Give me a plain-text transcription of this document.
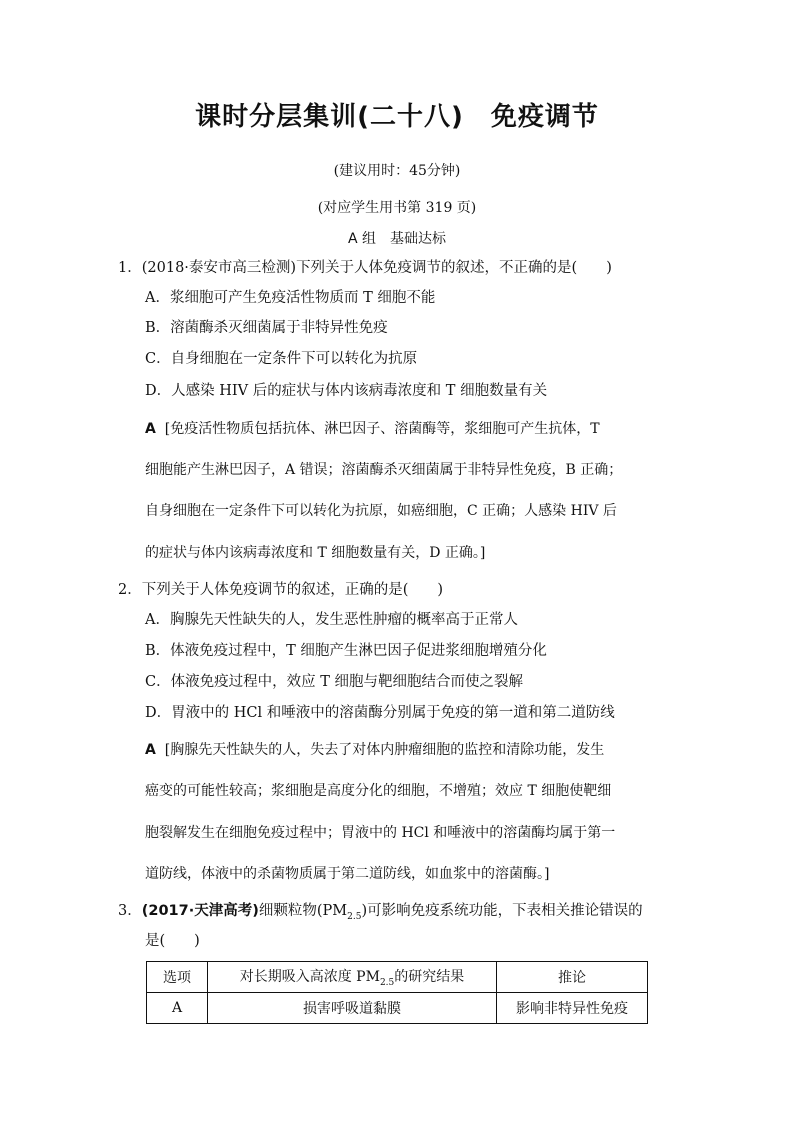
课时分层集训(二十八)　免疫调节
(建议用时：45分钟)
(对应学生用书第 319 页)
A 组　基础达标
1．(2018·泰安市高三检测)下列关于人体免疫调节的叙述，不正确的是(　　)
A．浆细胞可产生免疫活性物质而 T 细胞不能
B．溶菌酶杀灭细菌属于非特异性免疫
C．自身细胞在一定条件下可以转化为抗原
D．人感染 HIV 后的症状与体内该病毒浓度和 T 细胞数量有关
A [免疫活性物质包括抗体、淋巴因子、溶菌酶等，浆细胞可产生抗体，T
细胞能产生淋巴因子，A 错误；溶菌酶杀灭细菌属于非特异性免疫，B 正确；
自身细胞在一定条件下可以转化为抗原，如癌细胞，C 正确；人感染 HIV 后
的症状与体内该病毒浓度和 T 细胞数量有关，D 正确。]
2．下列关于人体免疫调节的叙述，正确的是(　　)
A．胸腺先天性缺失的人，发生恶性肿瘤的概率高于正常人
B．体液免疫过程中，T 细胞产生淋巴因子促进浆细胞增殖分化
C．体液免疫过程中，效应 T 细胞与靶细胞结合而使之裂解
D．胃液中的 HCl 和唾液中的溶菌酶分别属于免疫的第一道和第二道防线
A [胸腺先天性缺失的人，失去了对体内肿瘤细胞的监控和清除功能，发生
癌变的可能性较高；浆细胞是高度分化的细胞，不增殖；效应 T 细胞使靶细
胞裂解发生在细胞免疫过程中；胃液中的 HCl 和唾液中的溶菌酶均属于第一
道防线，体液中的杀菌物质属于第二道防线，如血浆中的溶菌酶。]
3．(2017·天津高考)细颗粒物$(PM_{2.5})$可影响免疫系统功能，下表相关推论错误的
是(　　)
选项	对长期吸入高浓度 $PM_{2.5}$的研究结果	推论
A	损害呼吸道黏膜	影响非特异性免疫
